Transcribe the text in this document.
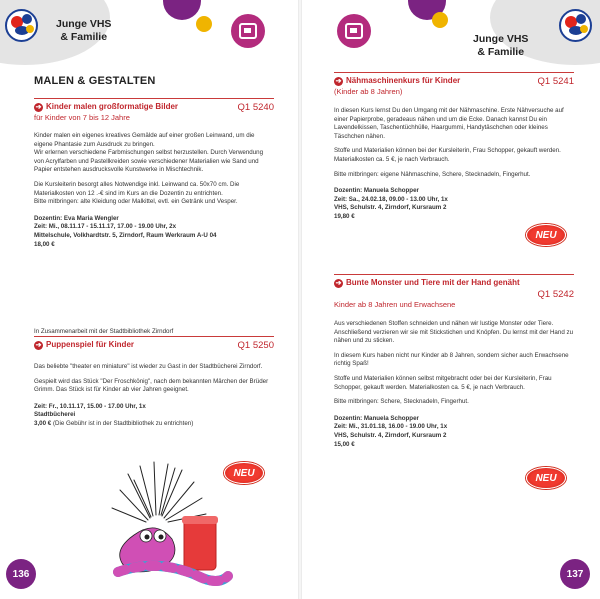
Junge VHS
& Familie
MALEN & GESTALTEN
➔ Kinder malen großformatige Bilder	Q1 5240
für Kinder von 7 bis 12 Jahre

Kinder malen ein eigenes kreatives Gemälde auf einer großen Leinwand, um die eigene Phantasie zum Ausdruck zu bringen.

Wir erlernen verschiedene Farbmischungen selbst herzustellen. Durch Verwendung von Acrylfarben und Pastellkreiden sowie verschiedener Materialien wie Sand und Papier entstehen ausdrucksvolle Kunstwerke in Mischtechnik.

Die Kursleiterin besorgt alles Notwendige inkl. Leinwand ca. 50x70 cm. Die Materialkosten von 12 .-€ sind im Kurs an die Dozentin zu entrichten.

Bitte mitbringen: alte Kleidung oder Malkittel, evtl. ein Getränk und Vesper.

Dozentin: Eva Maria Wengler
Zeit: Mi., 08.11.17 - 15.11.17, 17.00 - 19.00 Uhr, 2x
Mittelschule, Volkhardtstr. 5, Zirndorf, Raum Werkraum A-U 04
18,00 €
In Zusammenarbeit mit der Stadtbibliothek Zirndorf
➔ Puppenspiel für Kinder	Q1 5250

Das beliebte "theater en miniature" ist wieder zu Gast in der Stadtbücherei Zirndorf.

Gespielt wird das Stück "Der Froschkönig", nach dem bekannten Märchen der Brüder Grimm. Das Stück ist für Kinder ab vier Jahren geeignet.

Zeit: Fr., 10.11.17, 15.00 - 17.00 Uhr, 1x
Stadtbücherei
3,00 € (Die Gebühr ist in der Stadtbibliothek zu entrichten)
NEU
136
Junge VHS
& Familie
➔ Nähmaschinenkurs für Kinder	Q1 5241
(Kinder ab 8 Jahren)

In diesen Kurs lernst Du den Umgang mit der Nähmaschine. Erste Nähversuche auf einer Papierprobe, geradeaus nähen und um die Ecke. Danach kannst Du ein Lavendelkissen, Taschentüchhülle, Haargummi, Handytäschchen oder kleines Täschchen nähen.

Stoffe und Materialien können bei der Kursleiterin, Frau Schopper, gekauft werden. Materialkosten ca. 5 €, je nach Verbrauch.

Bitte mitbringen: eigene Nähmaschine, Schere, Stecknadeln, Fingerhut.

Dozentin: Manuela Schopper
Zeit: Sa., 24.02.18, 09.00 - 13.00 Uhr, 1x
VHS, Schulstr. 4, Zirndorf, Kursraum 2
19,80 €
NEU
➔ Bunte Monster und Tiere mit der Hand genäht
Q1 5242
Kinder ab 8 Jahren und Erwachsene

Aus verschiedenen Stoffen schneiden und nähen wir lustige Monster oder Tiere. Anschließend verzieren wir sie mit Stickstichen und Knöpfen. Du lernst mit der Hand zu nähen und zu sticken.

In diesem Kurs haben nicht nur Kinder ab 8 Jahren, sondern sicher auch Erwachsene richtig Spaß!

Stoffe und Materialien können selbst mitgebracht oder bei der Kursleiterin, Frau Schopper, gekauft werden. Materialkosten ca. 5 €, je nach Verbrauch.

Bitte mitbringen: Schere, Stecknadeln, Fingerhut.

Dozentin: Manuela Schopper
Zeit: Mi., 31.01.18, 16.00 - 19.00 Uhr, 1x
VHS, Schulstr. 4, Zirndorf, Kursraum 2
15,00 €
NEU
137
